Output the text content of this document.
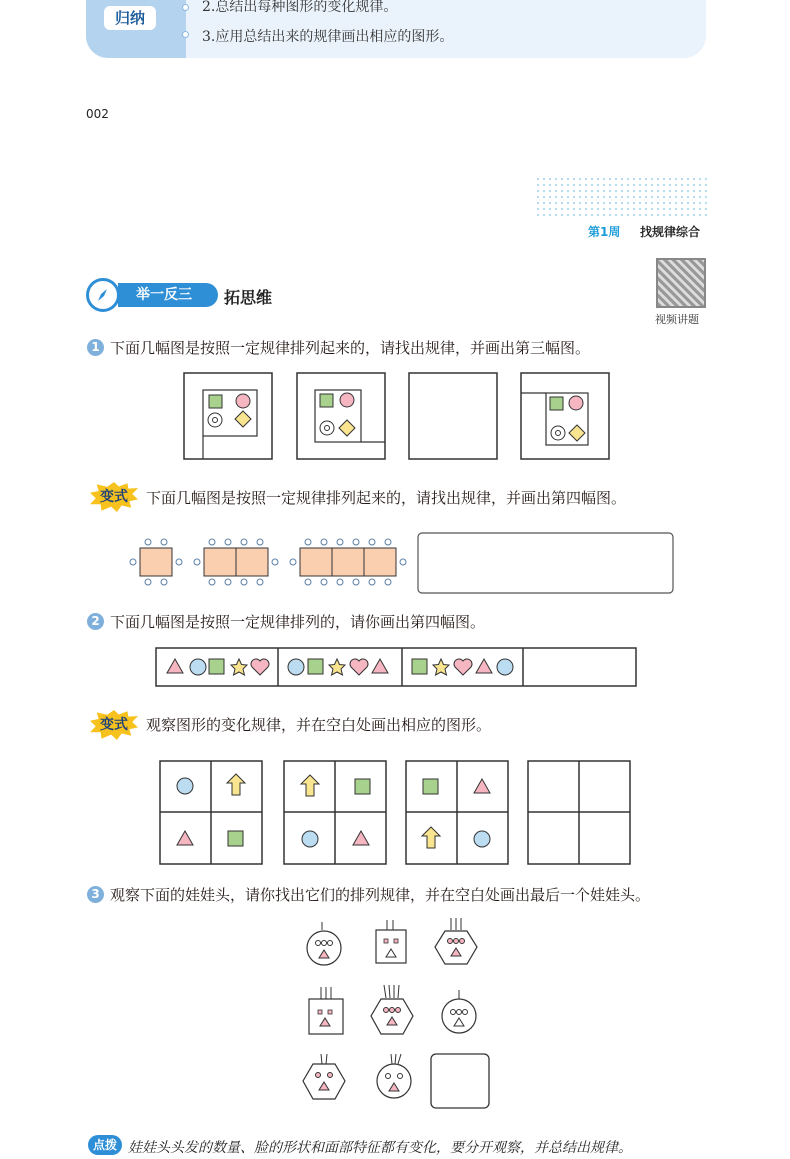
归纳
2.总结出每种图形的变化规律。
3.应用总结出来的规律画出相应的图形。
002
第1周 找规律综合
举一反三	拓思维
视频讲题
1 下面几幅图是按照一定规律排列起来的，请找出规律，并画出第三幅图。
变式	下面几幅图是按照一定规律排列起来的，请找出规律，并画出第四幅图。
2 下面几幅图是按照一定规律排列的，请你画出第四幅图。
变式	观察图形的变化规律，并在空白处画出相应的图形。
3 观察下面的娃娃头，请你找出它们的排列规律，并在空白处画出最后一个娃娃头。
点拨 娃娃头头发的数量、脸的形状和面部特征都有变化，要分开观察，并总结出规律。
